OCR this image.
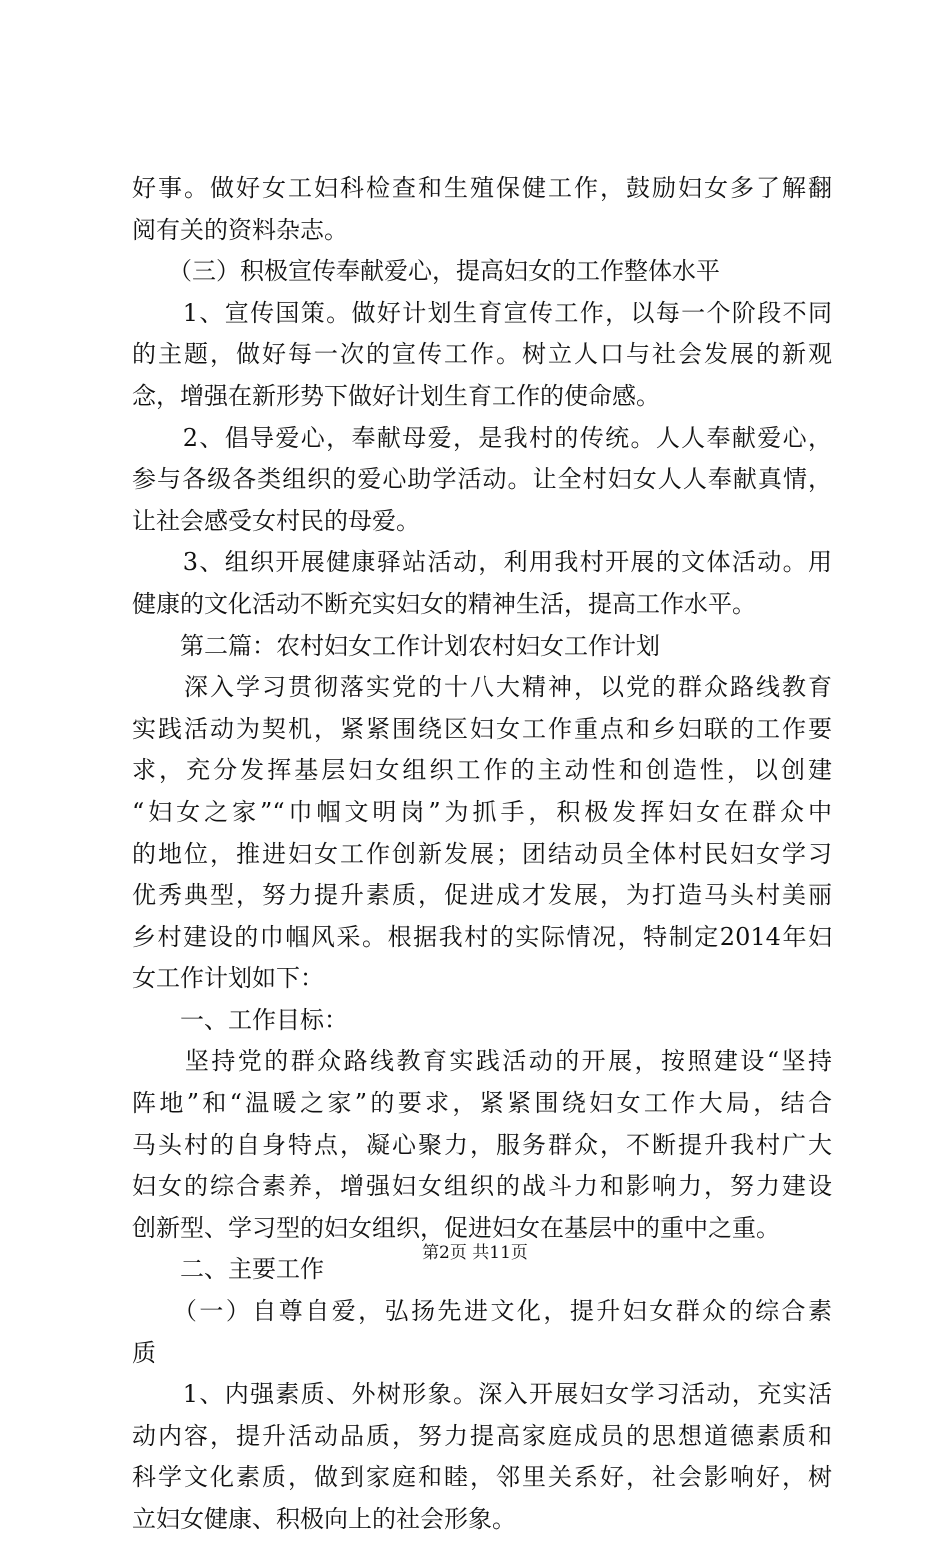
好事。做好女工妇科检查和生殖保健工作，鼓励妇女多了解翻
阅有关的资料杂志。
　　（三）积极宣传奉献爱心，提高妇女的工作整体水平
　　1、宣传国策。做好计划生育宣传工作，以每一个阶段不同
的主题，做好每一次的宣传工作。树立人口与社会发展的新观
念，增强在新形势下做好计划生育工作的使命感。
　　2、倡导爱心，奉献母爱，是我村的传统。人人奉献爱心，
参与各级各类组织的爱心助学活动。让全村妇女人人奉献真情，
让社会感受女村民的母爱。
　　3、组织开展健康驿站活动，利用我村开展的文体活动。用
健康的文化活动不断充实妇女的精神生活，提高工作水平。
　　第二篇：农村妇女工作计划农村妇女工作计划
　　深入学习贯彻落实党的十八大精神，以党的群众路线教育
实践活动为契机，紧紧围绕区妇女工作重点和乡妇联的工作要
求，充分发挥基层妇女组织工作的主动性和创造性，以创建
“妇女之家”“巾帼文明岗”为抓手，积极发挥妇女在群众中
的地位，推进妇女工作创新发展；团结动员全体村民妇女学习
优秀典型，努力提升素质，促进成才发展，为打造马头村美丽
乡村建设的巾帼风采。根据我村的实际情况，特制定2014年妇
女工作计划如下：
　　一、工作目标：
　　坚持党的群众路线教育实践活动的开展，按照建设“坚持
阵地”和“温暖之家”的要求，紧紧围绕妇女工作大局，结合
马头村的自身特点，凝心聚力，服务群众，不断提升我村广大
妇女的综合素养，增强妇女组织的战斗力和影响力，努力建设
创新型、学习型的妇女组织，促进妇女在基层中的重中之重。
　　二、主要工作
　　（一）自尊自爱，弘扬先进文化，提升妇女群众的综合素
质
　　1、内强素质、外树形象。深入开展妇女学习活动，充实活
动内容，提升活动品质，努力提高家庭成员的思想道德素质和
科学文化素质，做到家庭和睦，邻里关系好，社会影响好，树
立妇女健康、积极向上的社会形象。
第2页 共11页
